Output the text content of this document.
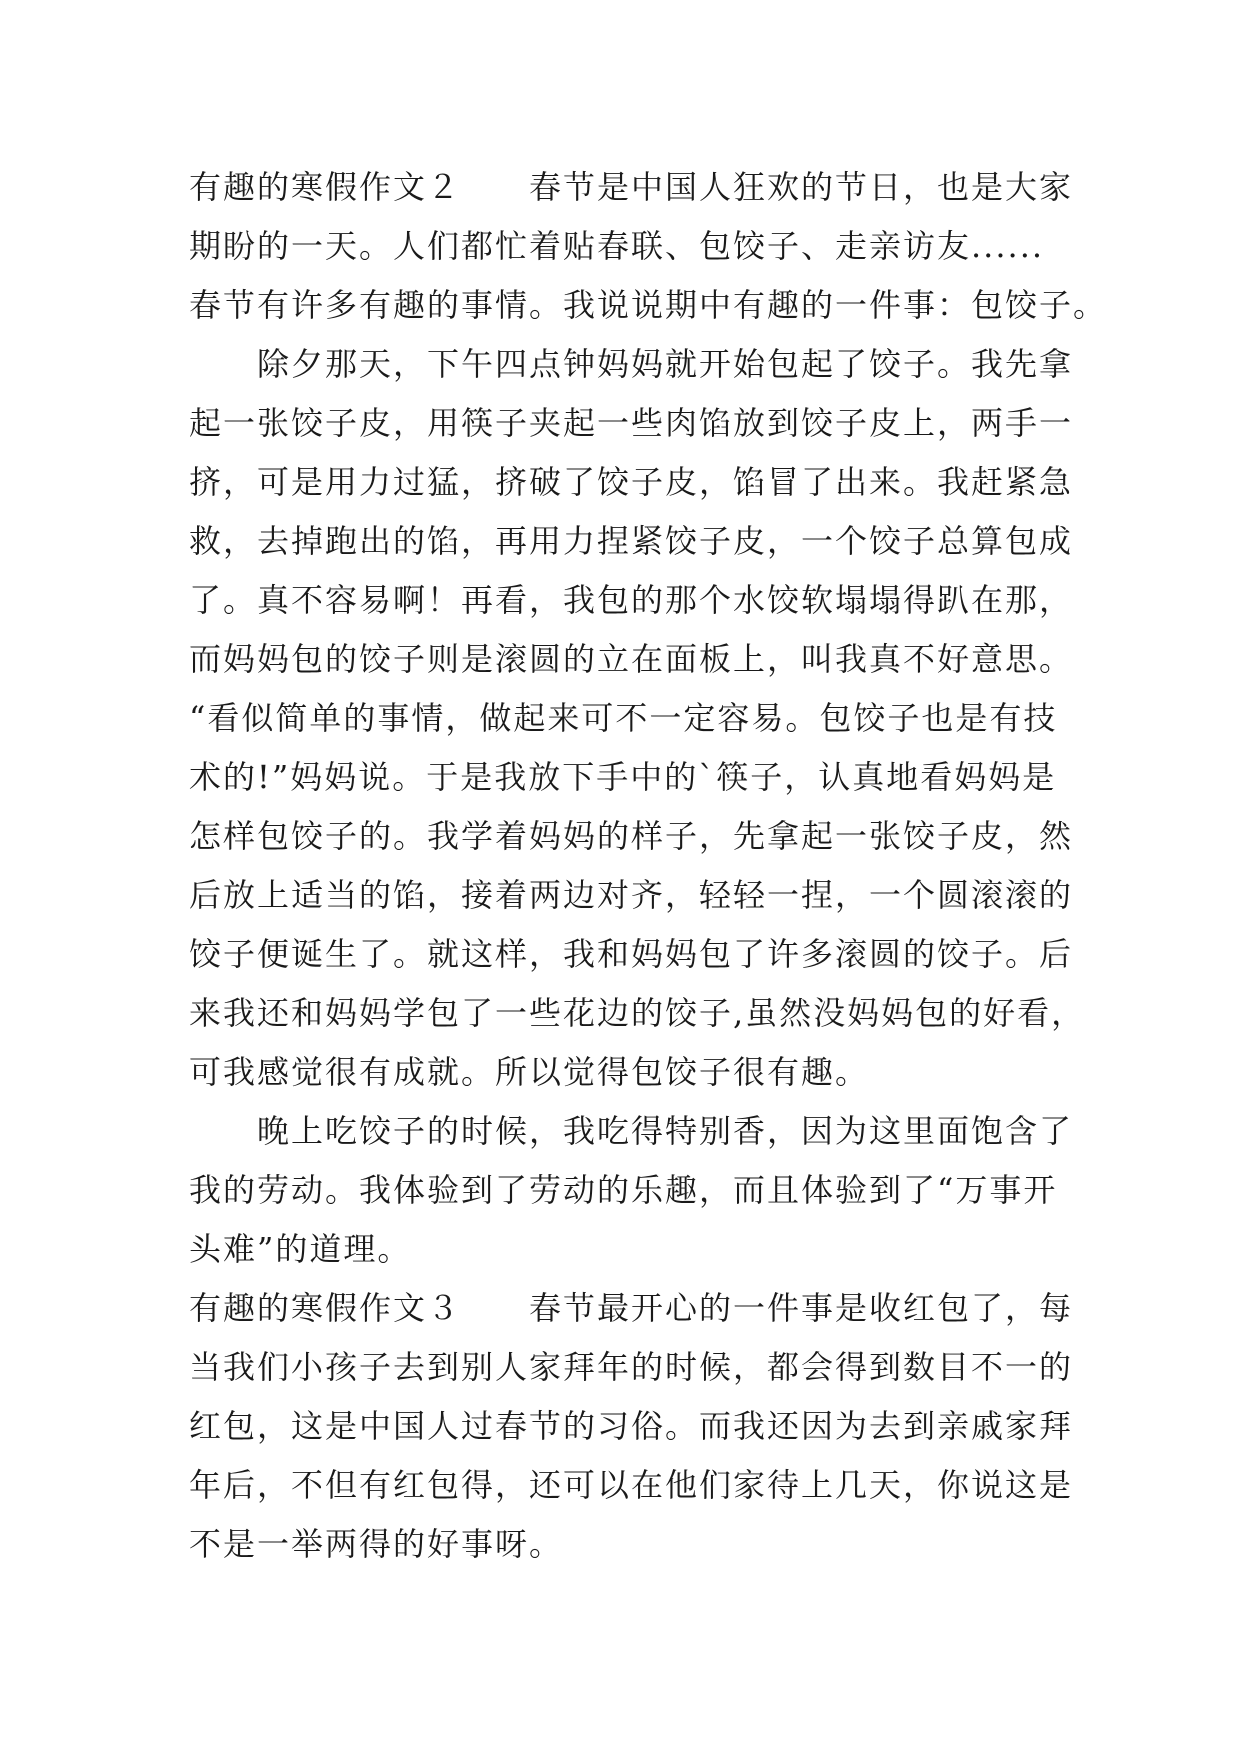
有趣的寒假作文２　　春节是中国人狂欢的节日，也是大家
期盼的一天。人们都忙着贴春联、包饺子、走亲访友......
春节有许多有趣的事情。我说说期中有趣的一件事：包饺子。
　　除夕那天，下午四点钟妈妈就开始包起了饺子。我先拿
起一张饺子皮，用筷子夹起一些肉馅放到饺子皮上，两手一
挤，可是用力过猛，挤破了饺子皮，馅冒了出来。我赶紧急
救，去掉跑出的馅，再用力捏紧饺子皮，一个饺子总算包成
了。真不容易啊！再看，我包的那个水饺软塌塌得趴在那，
而妈妈包的饺子则是滚圆的立在面板上，叫我真不好意思。
“看似简单的事情，做起来可不一定容易。包饺子也是有技
术的!”妈妈说。于是我放下手中的`筷子，认真地看妈妈是
怎样包饺子的。我学着妈妈的样子，先拿起一张饺子皮，然
后放上适当的馅，接着两边对齐，轻轻一捏，一个圆滚滚的
饺子便诞生了。就这样，我和妈妈包了许多滚圆的饺子。后
来我还和妈妈学包了一些花边的饺子,虽然没妈妈包的好看，
可我感觉很有成就。所以觉得包饺子很有趣。
　　晚上吃饺子的时候，我吃得特别香，因为这里面饱含了
我的劳动。我体验到了劳动的乐趣，而且体验到了“万事开
头难”的道理。
有趣的寒假作文３　　春节最开心的一件事是收红包了，每
当我们小孩子去到别人家拜年的时候，都会得到数目不一的
红包，这是中国人过春节的习俗。而我还因为去到亲戚家拜
年后，不但有红包得，还可以在他们家待上几天，你说这是
不是一举两得的好事呀。
